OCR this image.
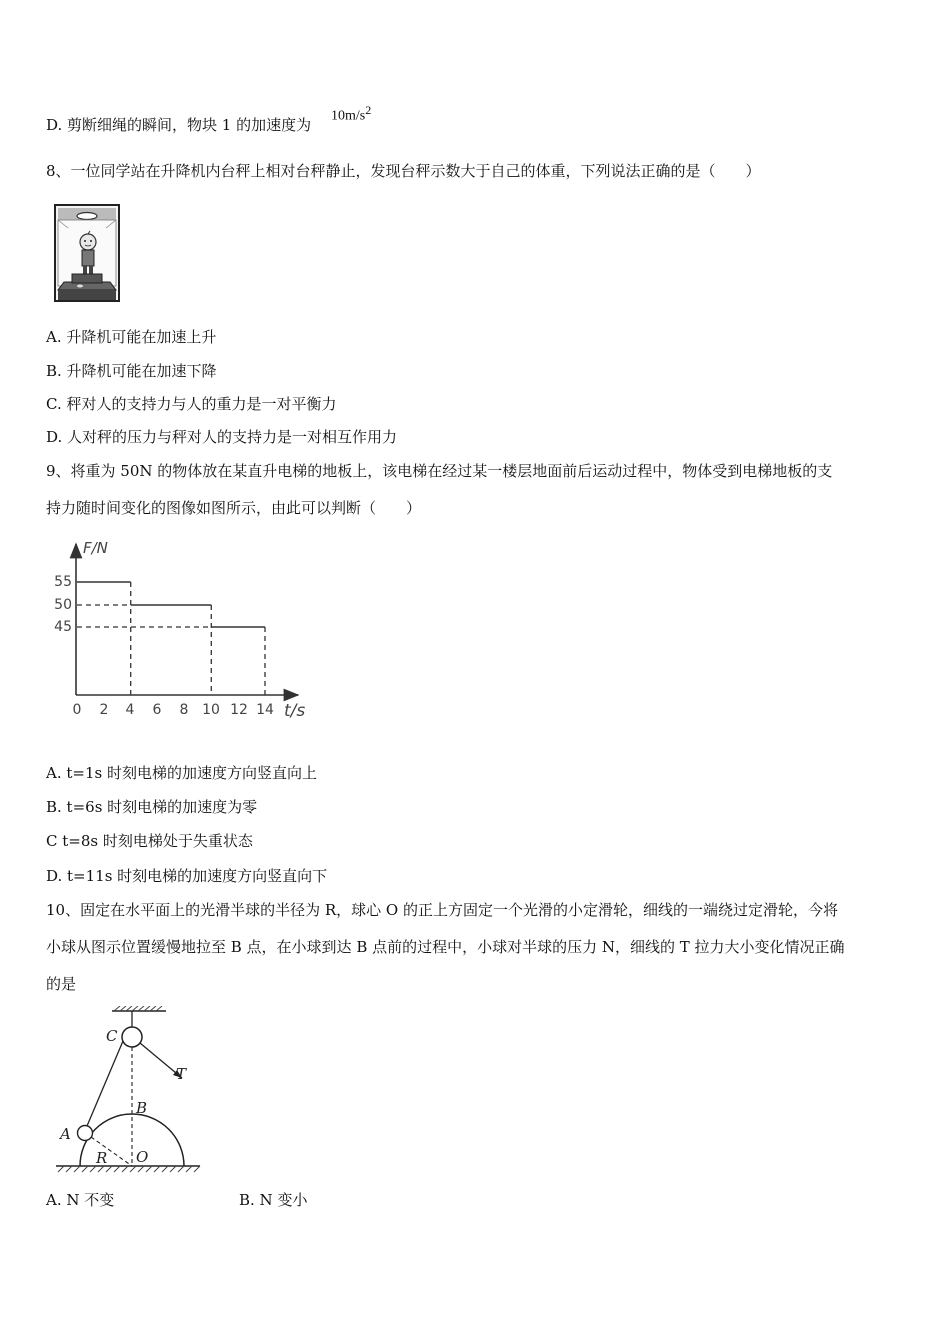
D. 剪断细绳的瞬间，物块 1 的加速度为 $10m/s^2$
8、一位同学站在升降机内台秤上相对台秤静止，发现台秤示数大于自己的体重，下列说法正确的是（　　）
A. 升降机可能在加速上升
B. 升降机可能在加速下降
C. 秤对人的支持力与人的重力是一对平衡力
D. 人对秤的压力与秤对人的支持力是一对相互作用力
9、将重为 50N 的物体放在某直升电梯的地板上，该电梯在经过某一楼层地面前后运动过程中，物体受到电梯地板的支
持力随时间变化的图像如图所示，由此可以判断（　　）
F/N
t/s
55
50
45
0 2 4 6 8 10 12 14
A. t=1s 时刻电梯的加速度方向竖直向上
B. t=6s 时刻电梯的加速度为零
C t=8s 时刻电梯处于失重状态
D. t=11s 时刻电梯的加速度方向竖直向下
10、固定在水平面上的光滑半球的半径为 R，球心 O 的正上方固定一个光滑的小定滑轮，细线的一端绕过定滑轮，今将
小球从图示位置缓慢地拉至 B 点，在小球到达 B 点前的过程中，小球对半球的压力 N，细线的 T 拉力大小变化情况正确
的是
C
T
B
A
R O
A. N 不变	B. N 变小
